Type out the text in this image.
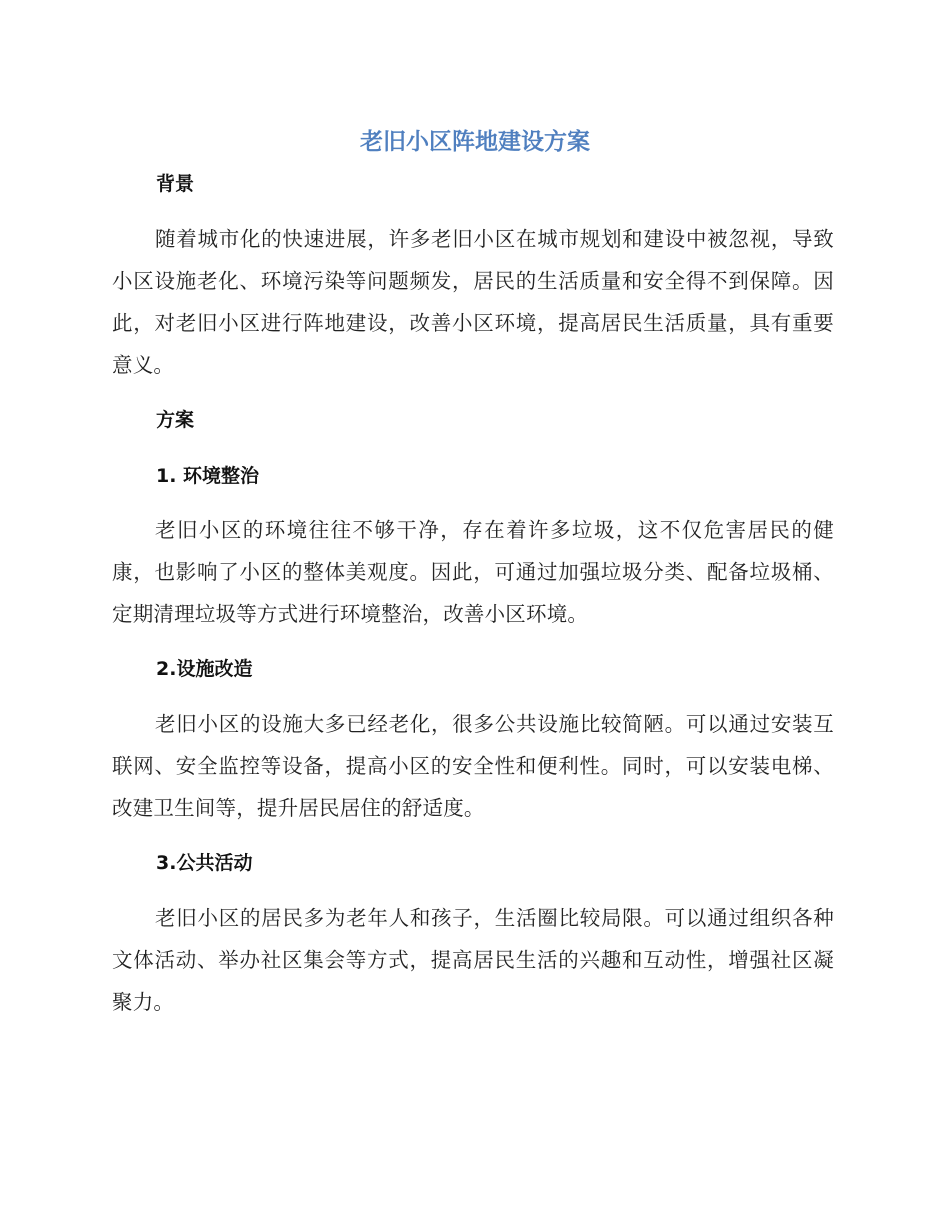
老旧小区阵地建设方案
背景

随着城市化的快速进展，许多老旧小区在城市规划和建设中被忽视，导致小区设施老化、环境污染等问题频发，居民的生活质量和安全得不到保障。因此，对老旧小区进行阵地建设，改善小区环境，提高居民生活质量，具有重要意义。

方案
1. 环境整治

老旧小区的环境往往不够干净，存在着许多垃圾，这不仅危害居民的健康，也影响了小区的整体美观度。因此，可通过加强垃圾分类、配备垃圾桶、定期清理垃圾等方式进行环境整治，改善小区环境。

2.设施改造

老旧小区的设施大多已经老化，很多公共设施比较简陋。可以通过安装互联网、安全监控等设备，提高小区的安全性和便利性。同时，可以安装电梯、改建卫生间等，提升居民居住的舒适度。

3.公共活动

老旧小区的居民多为老年人和孩子，生活圈比较局限。可以通过组织各种文体活动、举办社区集会等方式，提高居民生活的兴趣和互动性，增强社区凝聚力。
